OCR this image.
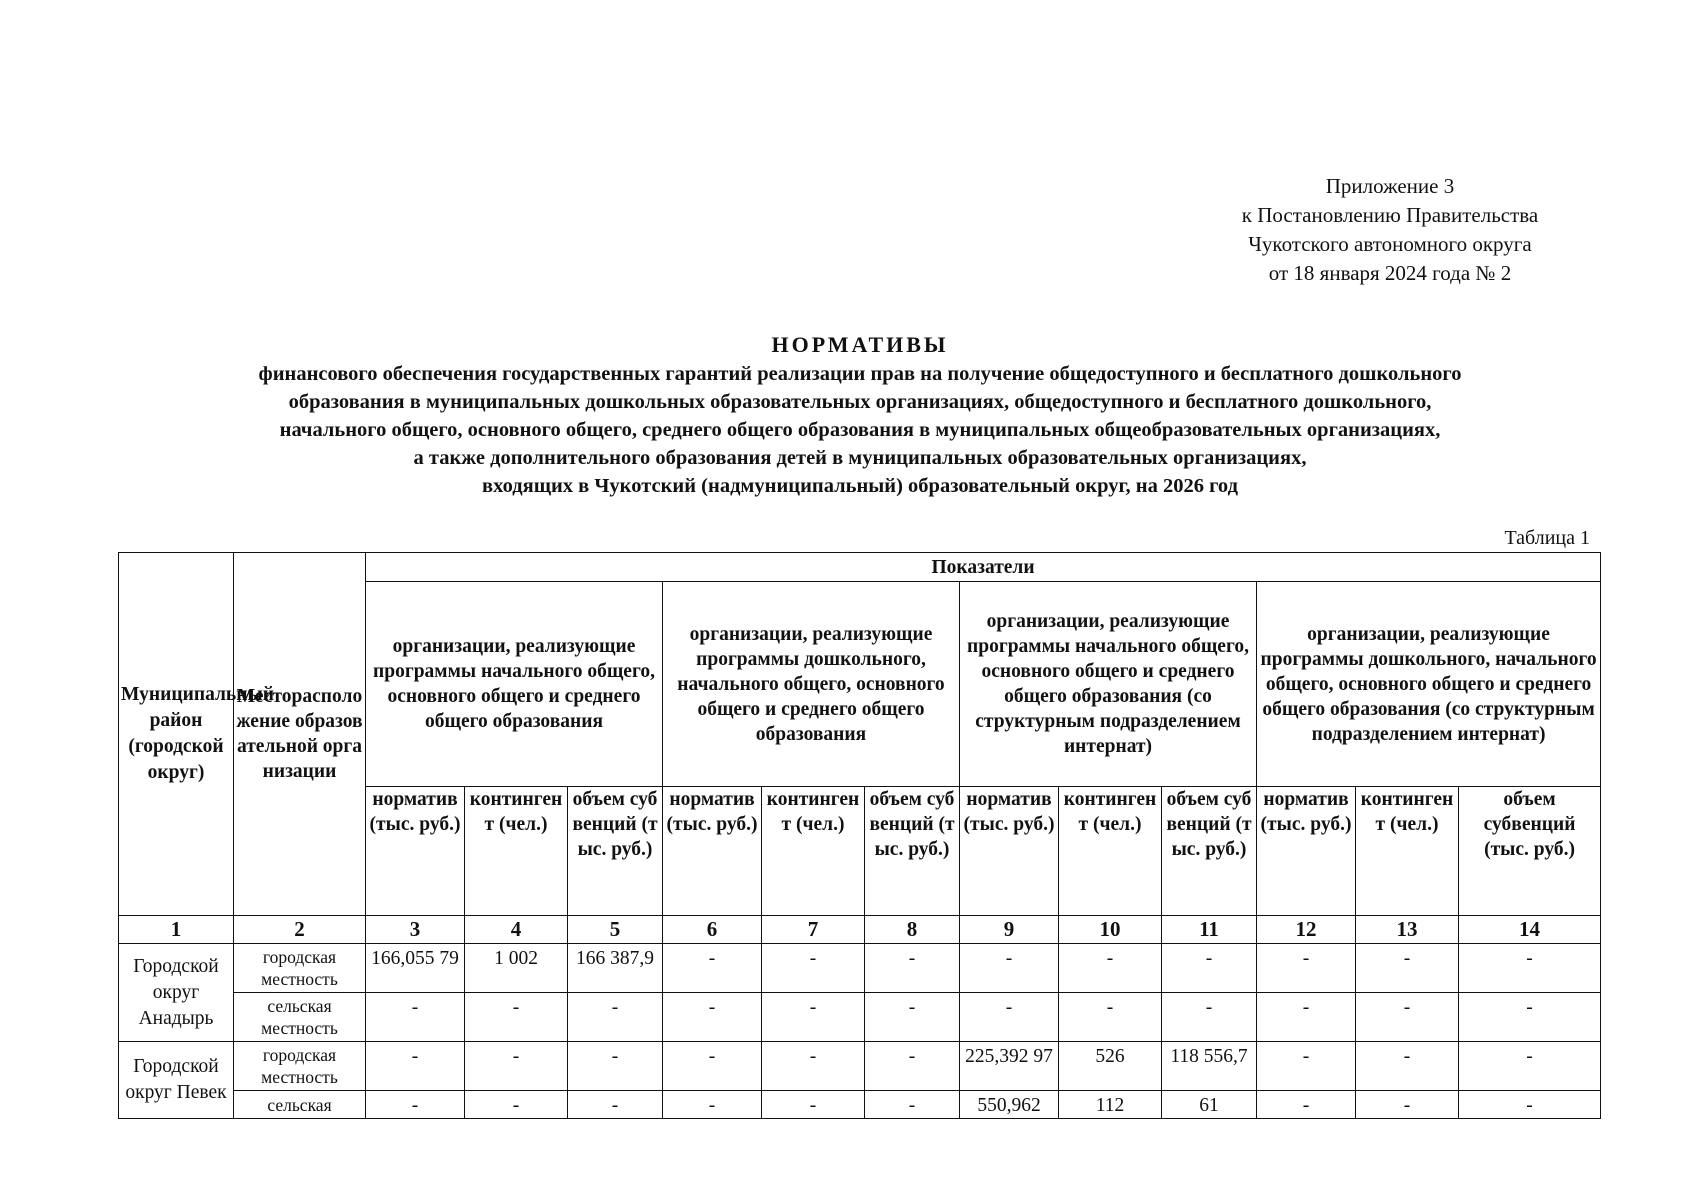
Приложение 3
к Постановлению Правительства
Чукотского автономного округа
от 18 января 2024 года № 2
НОРМАТИВЫ
финансового обеспечения государственных гарантий реализации прав на получение общедоступного и бесплатного дошкольного
образования в муниципальных дошкольных образовательных организациях, общедоступного и бесплатного дошкольного,
начального общего, основного общего, среднего общего образования в муниципальных общеобразовательных организациях,
а также дополнительного образования детей в муниципальных образовательных организациях,
входящих в Чукотский (надмуниципальный) образовательный округ, на 2026 год
Таблица 1
Муниципальный район (городской округ)	Месторасположение образовательной организации	Показатели											
		организации, реализующие программы начального общего, основного общего и среднего общего образования			организации, реализующие программы дошкольного, начального общего, основного общего и среднего общего образования			организации, реализующие программы начального общего, основного общего и среднего общего образования (со структурным подразделением интернат)			организации, реализующие программы дошкольного, начального общего, основного общего и среднего общего образования (со структурным подразделением интернат)		
		норматив (тыс. руб.)	контингент (чел.)	объем субвенций (тыс. руб.)	норматив (тыс. руб.)	контингент (чел.)	объем субвенций (тыс. руб.)	норматив (тыс. руб.)	контингент (чел.)	объем субвенций (тыс. руб.)	норматив (тыс. руб.)	контингент (чел.)	объем субвенций (тыс. руб.)
1	2	3	4	5	6	7	8	9	10	11	12	13	14
Городской округ Анадырь	городская местность	166,055 79	1 002	166 387,9	-	-	-	-	-	-	-	-	-
	сельская местность	-	-	-	-	-	-	-	-	-	-	-	-
Городской округ Певек	городская местность	-	-	-	-	-	-	225,392 97	526	118 556,7	-	-	-
	сельская	-	-	-	-	-	-	550,962	112	61	-	-	-
